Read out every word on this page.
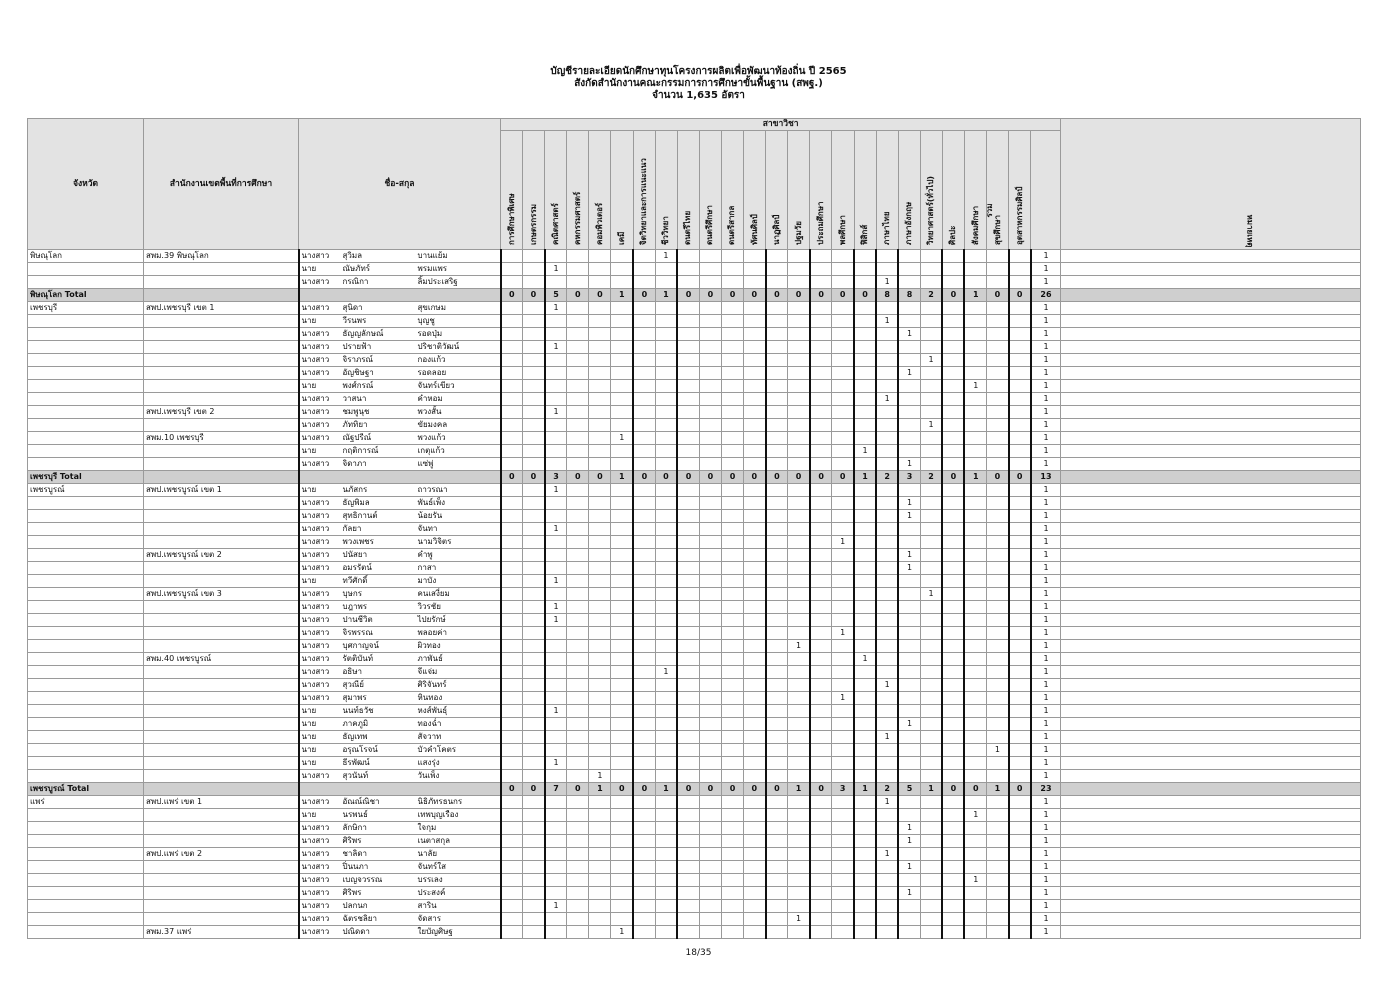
บัญชีรายละเอียดนักศึกษาทุนโครงการผลิตเพื่อพัฒนาท้องถิ่น ปี 2565
สังกัดสำนักงานคณะกรรมการการศึกษาขั้นพื้นฐาน (สพฐ.)
จำนวน 1,635 อัตรา
จังหวัด	สำนักงานเขตพื้นที่การศึกษา	ชื่อ-สกุล			สาขาวิชา																									หมายเหตุ

					การศึกษาพิเศษ	เกษตรกรรม	คณิตศาสตร์	คหกรรมศาสตร์	คอมพิวเตอร์	เคมี	จิตวิทยาและการแนะแนว	ชีววิทยา	ดนตรีไทย	ดนตรีศึกษา	ดนตรีสากล	ทัศนศิลป์	นาฏศิลป์	ปฐมวัย	ประถมศึกษา	พลศึกษา	ฟิสิกส์	ภาษาไทย	ภาษาอังกฤษ	วิทยาศาสตร์(ทั่วไป)	ศิลปะ	สังคมศึกษา	สุขศึกษา	อุตสาหกรรมศิลป์	รวม	

พิษณุโลก	สพม.39 พิษณุโลก	นางสาว	สุวิมล	บานแย้ม								1																	1	
		นาย	ณัษภัทร์	พรมแพร			1																						1	
		นางสาว	กรณิกา	ลิ้มประเสริฐ																		1							1	
พิษณุโลก Total					0	0	5	0	0	1	0	1	0	0	0	0	0	0	0	0	0	8	8	2	0	1	0	0	26	
เพชรบุรี	สพป.เพชรบุรี เขต 1	นางสาว	สุนิดา	สุขเกษม			1																						1	
		นาย	วีรนพร	บุญชู																		1							1	
		นางสาว	ธัญญลักษณ์	รอดปุ่ม																			1						1	
		นางสาว	ปรายฟ้า	ปริชาติวัฒน์			1																						1	
		นางสาว	จิราภรณ์	กองแก้ว																				1					1	
		นางสาว	อัญชิษฐา	รอดลอย																			1						1	
		นาย	พงศ์กรณ์	จันทร์เขียว																						1			1	
		นางสาว	วาสนา	คำหอม																		1							1	
	สพป.เพชรบุรี เขต 2	นางสาว	ชมพูนุช	พวงสั้น			1																						1	
		นางสาว	ภัททิยา	ขัยมงคล																				1					1	
	สพม.10 เพชรบุรี	นางสาว	ณัฐปรีณ์	พวงแก้ว						1																			1	
		นาย	กฤติการณ์	เกตุแก้ว																	1								1	
		นางสาว	จิดาภา	แซ่พู่																			1						1	
เพชรบุรี Total					0	0	3	0	0	1	0	0	0	0	0	0	0	0	0	0	1	2	3	2	0	1	0	0	13	
เพชรบูรณ์	สพป.เพชรบูรณ์ เขต 1	นาย	นภัสกร	ถาวรณา			1																						1	
		นางสาว	ธัญพิมล	พันธ์เพ็ง																			1						1	
		นางสาว	สุทธิกานต์	น้อยรัน																			1						1	
		นางสาว	กัลยา	จันทา			1																						1	
		นางสาว	พวงเพชร	นามวิจิตร																1									1	
	สพป.เพชรบูรณ์ เขต 2	นางสาว	ปนัสยา	คำพู																			1						1	
		นางสาว	อมรรัตน์	กาสา																			1						1	
		นาย	ทวีศักดิ์	มาบัง			1																						1	
	สพป.เพชรบูรณ์ เขต 3	นางสาว	บุษกร	คนเสงี่ยม																				1					1	
		นางสาว	บฎาพร	วิวรชัย			1																						1	
		นางสาว	ปานชีวิต	ไปยรักษ์			1																						1	
		นางสาว	จิรพรรณ	พลอยค่า																1									1	
		นางสาว	บุศกาญจน์	ผิวทอง														1											1	
	สพม.40 เพชรบูรณ์	นางสาว	รัตติบันท์	ภาพันธ์																	1								1	
		นางสาว	อธิษา	จีแจ่ม								1																	1	
		นางสาว	สุวณีย์	ศิริจันทร์																		1							1	
		นางสาว	สุมาพร	หินทอง																1									1	
		นาย	นนท์ธวัช	หงส์พันธุ์			1																						1	
		นาย	ภาคภูมิ	ทองฉ่ำ																			1						1	
		นาย	ธัญเทพ	สัจวาท																		1							1	
		นาย	อรุณโรจน์	บัวคำโคตร																							1		1	
		นาย	ธีรพัฒน์	แสงรุ่ง			1																						1	
		นางสาว	สุวนันท์	วันเพ็ง					1																				1	
เพชรบูรณ์ Total					0	0	7	0	1	0	0	1	0	0	0	0	0	1	0	3	1	2	5	1	0	0	1	0	23	
แพร่	สพป.แพร่ เขต 1	นางสาว	อัณณ์ณิชา	นิธิภัทรธนกร																		1							1	
		นาย	นรพนธ์	เทพบุญเรือง																						1			1	
		นางสาว	ลักษิกา	ใจกุม																			1						1	
		นางสาว	ศิริพร	เนตาสกุล																			1						1	
	สพป.แพร่ เขต 2	นางสาว	ชาลิดา	นาลัย																		1							1	
		นางสาว	ปิ่นนภา	จันทร์ใส																			1						1	
		นางสาว	เบญจวรรณ	บรรเลง																						1			1	
		นางสาว	ศิริพร	ประสงค์																			1						1	
		นางสาว	ปลกนก	สาริน			1																						1	
		นางสาว	ฉัตรชลิยา	จัดสาร														1											1	
	สพม.37 แพร่	นางสาว	ปณิดดา	ใยบัญศิษฐ						1																			1	
18/35
